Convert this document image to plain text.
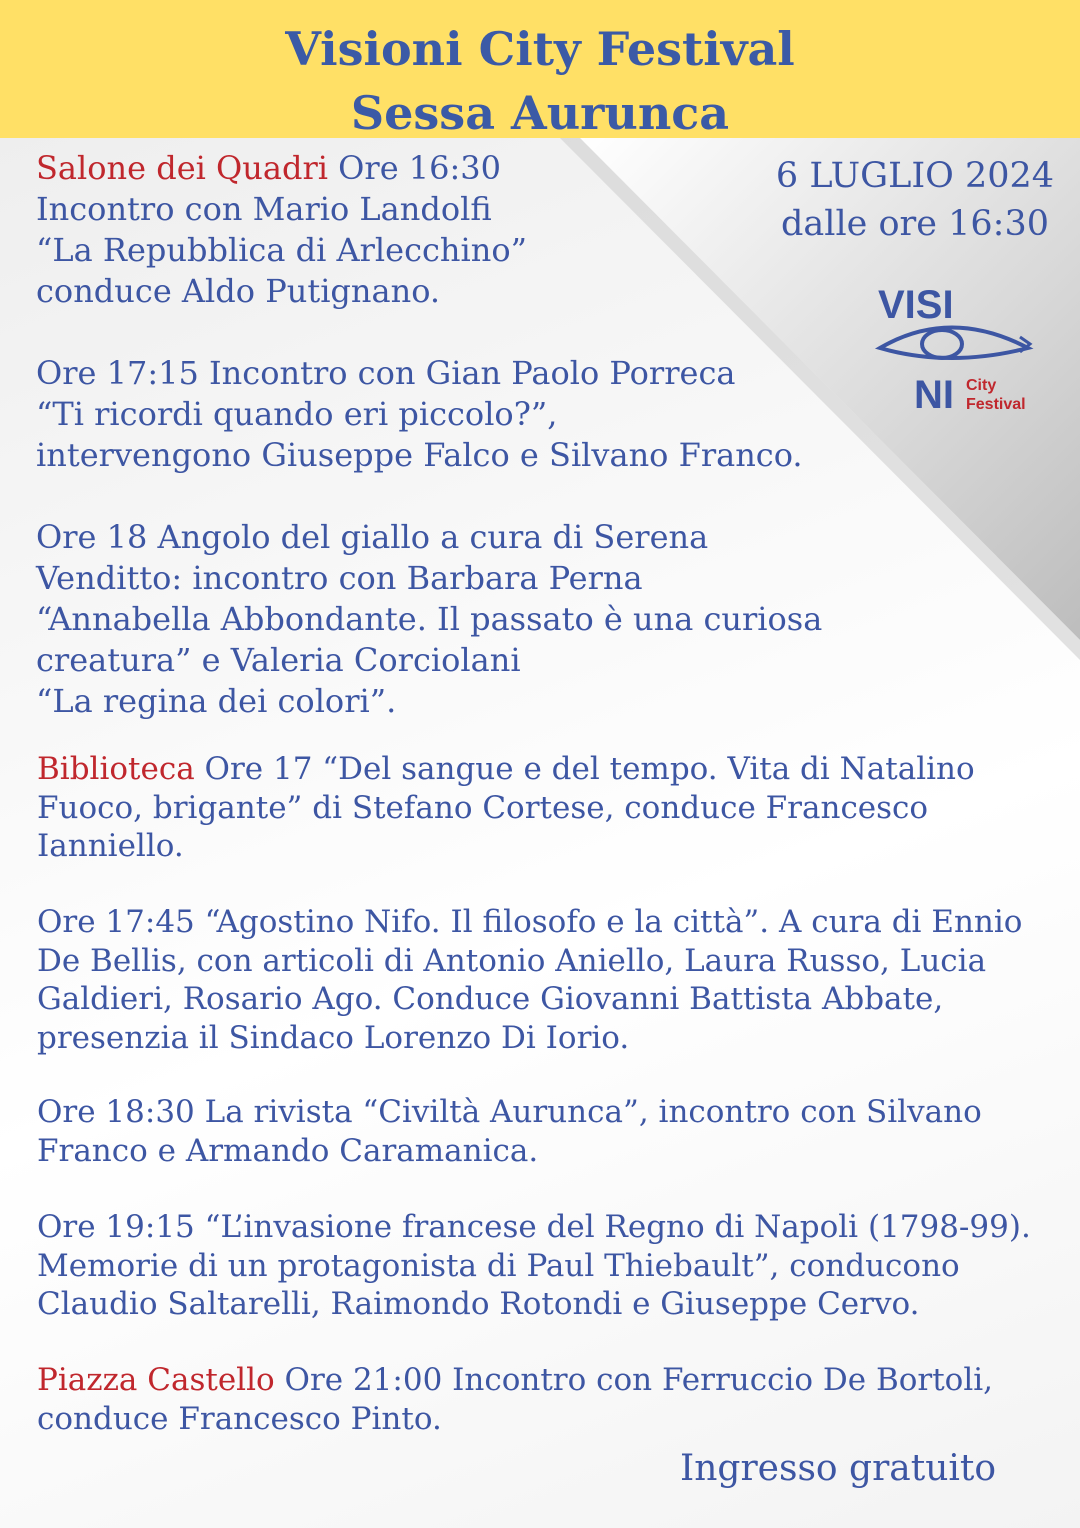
Visioni City Festival
Sessa Aurunca
6 LUGLIO 2024
dalle ore 16:30
VISI
NI City
Festival
Salone dei Quadri Ore 16:30
Incontro con Mario Landolfi
“La Repubblica di Arlecchino”
conduce Aldo Putignano.
Ore 17:15 Incontro con Gian Paolo Porreca
“Ti ricordi quando eri piccolo?”,
intervengono Giuseppe Falco e Silvano Franco.
Ore 18 Angolo del giallo a cura di Serena
Venditto: incontro con Barbara Perna
“Annabella Abbondante. Il passato è una curiosa
creatura” e Valeria Corciolani
“La regina dei colori”.
Biblioteca Ore 17 “Del sangue e del tempo. Vita di Natalino
Fuoco, brigante” di Stefano Cortese, conduce Francesco
Ianniello.
Ore 17:45 “Agostino Nifo. Il filosofo e la città”. A cura di Ennio
De Bellis, con articoli di Antonio Aniello, Laura Russo, Lucia
Galdieri, Rosario Ago. Conduce Giovanni Battista Abbate,
presenzia il Sindaco Lorenzo Di Iorio.
Ore 18:30 La rivista “Civiltà Aurunca”, incontro con Silvano
Franco e Armando Caramanica.
Ore 19:15 “L’invasione francese del Regno di Napoli (1798-99).
Memorie di un protagonista di Paul Thiebault”, conducono
Claudio Saltarelli, Raimondo Rotondi e Giuseppe Cervo.
Piazza Castello Ore 21:00 Incontro con Ferruccio De Bortoli,
conduce Francesco Pinto.
Ingresso gratuito
